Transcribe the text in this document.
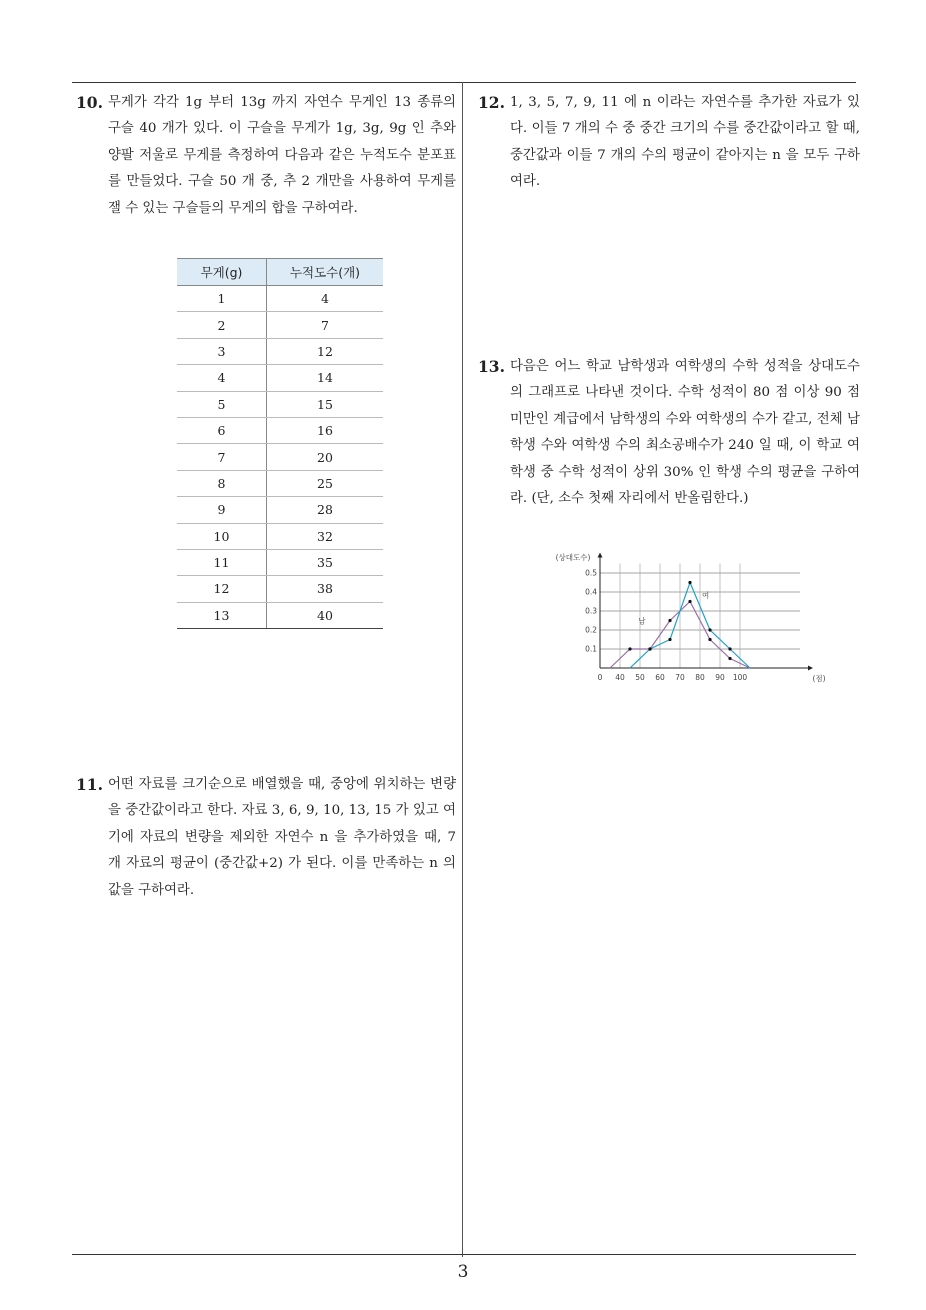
10. 무게가 각각 1g 부터 13g 까지 자연수 무게인 13 종류의 구슬 40 개가 있다. 이 구슬을 무게가 1g, 3g, 9g 인 추와 양팔 저울로 무게를 측정하여 다음과 같은 누적도수 분포표를 만들었다. 구슬 50 개 중, 추 2 개만을 사용하여 무게를 잴 수 있는 구슬들의 무게의 합을 구하여라.
무게(g)	누적도수(개)
1	4
2	7
3	12
4	14
5	15
6	16
7	20
8	25
9	28
10	32
11	35
12	38
13	40
11. 어떤 자료를 크기순으로 배열했을 때, 중앙에 위치하는 변량을 중간값이라고 한다. 자료 3, 6, 9, 10, 13, 15 가 있고 여기에 자료의 변량을 제외한 자연수 n 을 추가하였을 때, 7 개 자료의 평균이 (중간값+2) 가 된다. 이를 만족하는 n 의 값을 구하여라.
12. 1, 3, 5, 7, 9, 11 에 n 이라는 자연수를 추가한 자료가 있다. 이들 7 개의 수 중 중간 크기의 수를 중간값이라고 할 때, 중간값과 이들 7 개의 수의 평균이 같아지는 n 을 모두 구하여라.
13. 다음은 어느 학교 남학생과 여학생의 수학 성적을 상대도수의 그래프로 나타낸 것이다. 수학 성적이 80 점 이상 90 점 미만인 계급에서 남학생의 수와 여학생의 수가 같고, 전체 남학생 수와 여학생 수의 최소공배수가 240 일 때, 이 학교 여학생 중 수학 성적이 상위 30% 인 학생 수의 평균을 구하여라. (단, 소수 첫째 자리에서 반올림한다.)
0.1
0.2
0.3
0.4
0.5
40 50 60 70 80 90 100
(상대도수)
(점)
0
남
여
3
